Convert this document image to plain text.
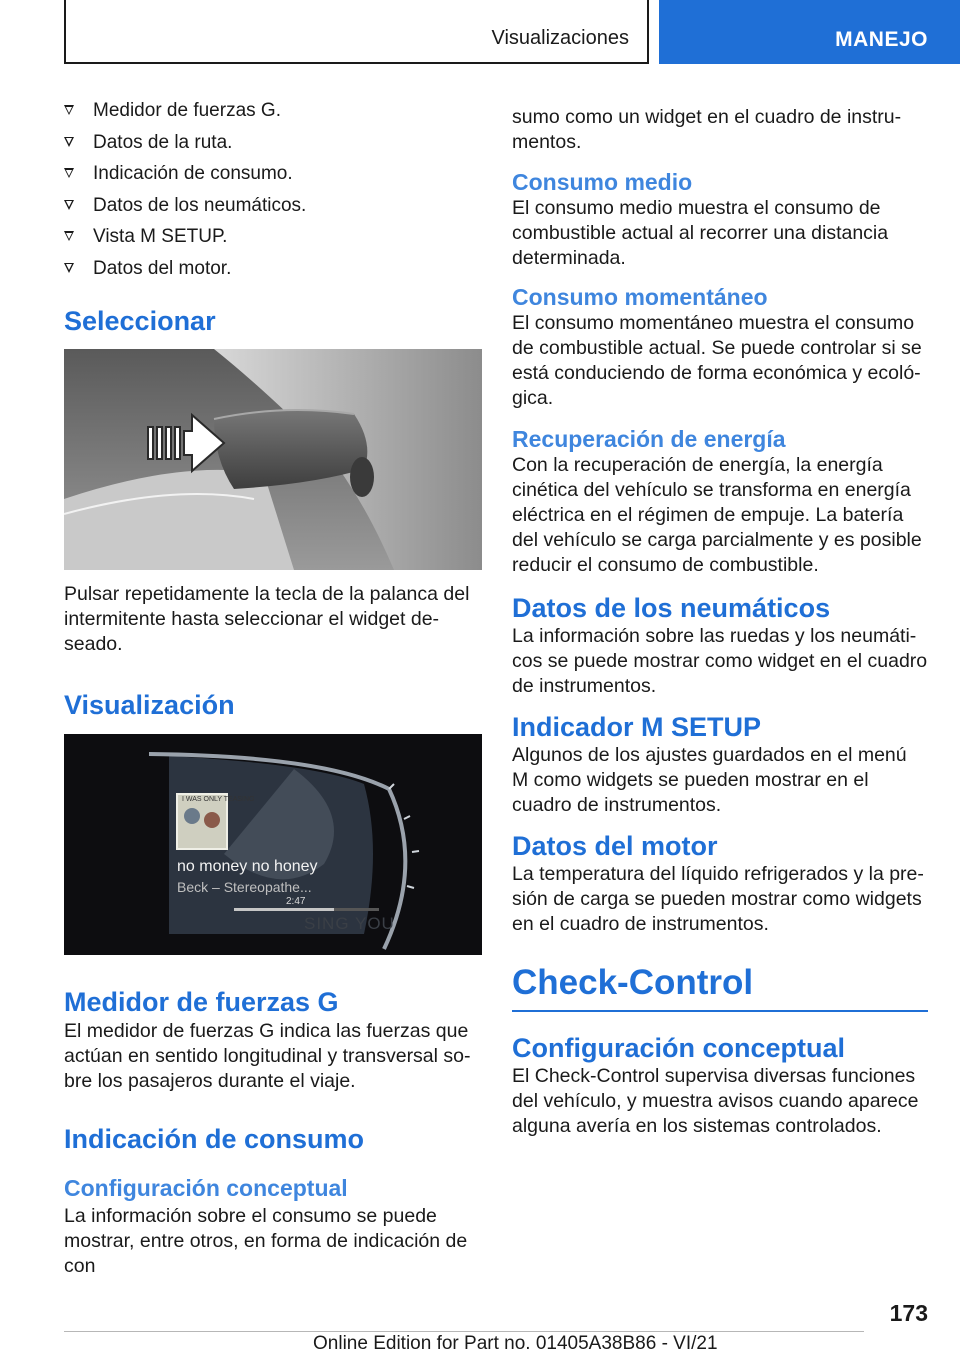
Visualizaciones	MANEJO
Medidor de fuerzas G.
Datos de la ruta.
Indicación de consumo.
Datos de los neumáticos.
Vista M SETUP.
Datos del motor.
Seleccionar

Pulsar repetidamente la tecla de la palanca del intermitente hasta seleccionar el widget deseado.

Visualización
I WAS ONLY TEASING
no money no honey
Beck – Stereopathe...
2:47
SING YOU
Medidor de fuerzas G

El medidor de fuerzas G indica las fuerzas que actúan en sentido longitudinal y transversal sobre los pasajeros durante el viaje.

Indicación de consumo
Configuración conceptual

La información sobre el consumo se puede mostrar, entre otros, en forma de indicación de con

sumo como un widget en el cuadro de instrumentos.

Consumo medio

El consumo medio muestra el consumo de combustible actual al recorrer una distancia determinada.

Consumo momentáneo

El consumo momentáneo muestra el consumo de combustible actual. Se puede controlar si se está conduciendo de forma económica y ecológica.

Recuperación de energía

Con la recuperación de energía, la energía cinética del vehículo se transforma en energía eléctrica en el régimen de empuje. La batería del vehículo se carga parcialmente y es posible reducir el consumo de combustible.

Datos de los neumáticos

La información sobre las ruedas y los neumáticos se puede mostrar como widget en el cuadro de instrumentos.

Indicador M SETUP

Algunos de los ajustes guardados en el menú M como widgets se pueden mostrar en el cuadro de instrumentos.

Datos del motor

La temperatura del líquido refrigerados y la presión de carga se pueden mostrar como widgets en el cuadro de instrumentos.

Check-Control
Configuración conceptual

El Check-Control supervisa diversas funciones del vehículo, y muestra avisos cuando aparece alguna avería en los sistemas controlados.

173
Online Edition for Part no. 01405A38B86 - VI/21
